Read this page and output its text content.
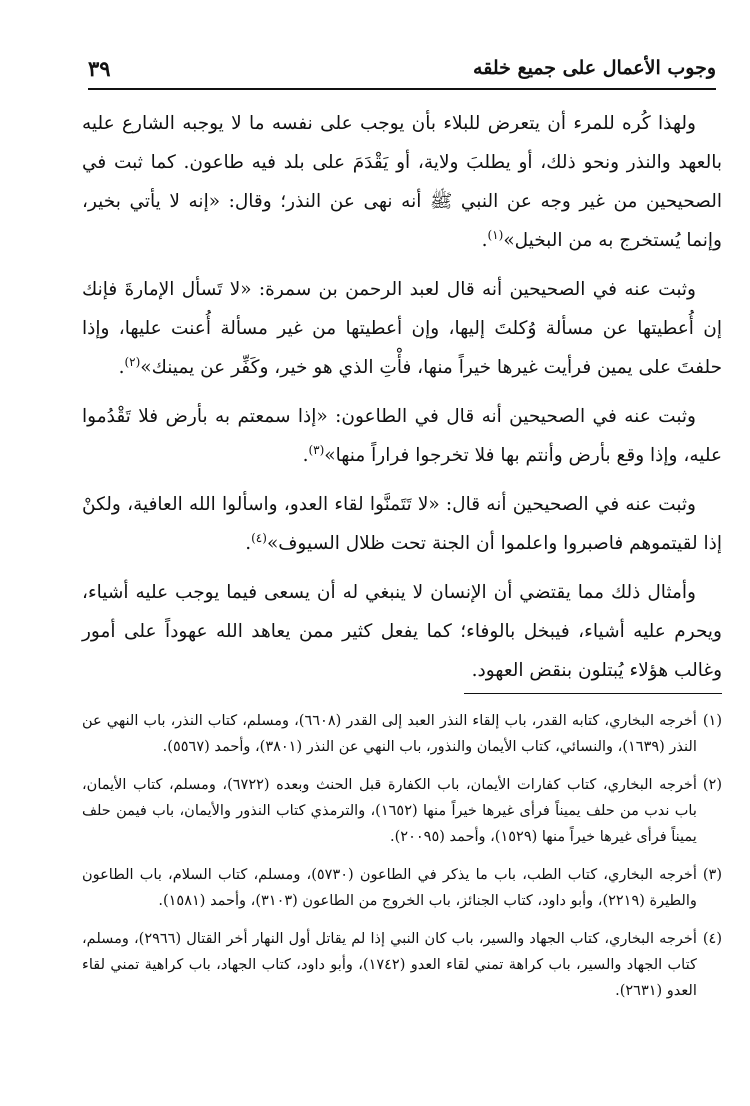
٣٩	وجوب الأعمال على جميع خلقه

ولهذا كُره للمرء أن يتعرض للبلاء بأن يوجب على نفسه ما لا يوجبه الشارع عليه بالعهد والنذر ونحو ذلك، أو يطلبَ ولاية، أو يَقْدَمَ على بلد فيه طاعون. كما ثبت في الصحيحين من غير وجه عن النبي ﷺ أنه نهى عن النذر؛ وقال: «إنه لا يأتي بخير، وإنما يُستخرج به من البخيل»$^{(١)}$.

وثبت عنه في الصحيحين أنه قال لعبد الرحمن بن سمرة: «لا تَسأل الإمارةَ فإنك إن أُعطيتها عن مسألة وُكلتَ إليها، وإن أعطيتها من غير مسألة أُعنت عليها، وإذا حلفتَ على يمين فرأيت غيرها خيراً منها، فأْتِ الذي هو خير، وكَفِّر عن يمينك»$^{(٢)}$.

وثبت عنه في الصحيحين أنه قال في الطاعون: «إذا سمعتم به بأرض فلا تَقْدُموا عليه، وإذا وقع بأرض وأنتم بها فلا تخرجوا فراراً منها»$^{(٣)}$.

وثبت عنه في الصحيحين أنه قال: «لا تَتَمنَّوا لقاء العدو، واسألوا الله العافية، ولكنْ إذا لقيتموهم فاصبروا واعلموا أن الجنة تحت ظلال السيوف»$^{(٤)}$.

وأمثال ذلك مما يقتضي أن الإنسان لا ينبغي له أن يسعى فيما يوجب عليه أشياء، ويحرم عليه أشياء، فيبخل بالوفاء؛ كما يفعل كثير ممن يعاهد الله عهوداً على أمور وغالب هؤلاء يُبتلون بنقض العهود.

(١)
أخرجه البخاري، كتابه القدر، باب إلقاء النذر العبد إلى القدر (٦٦٠٨)، ومسلم، كتاب النذر، باب النهي عن النذر (١٦٣٩)، والنسائي، كتاب الأيمان والنذور، باب النهي عن النذر (٣٨٠١)، وأحمد (٥٥٦٧).
(٢)
أخرجه البخاري، كتاب كفارات الأيمان، باب الكفارة قبل الحنث وبعده (٦٧٢٢)، ومسلم، كتاب الأيمان، باب ندب من حلف يميناً فرأى غيرها خيراً منها (١٦٥٢)، والترمذي كتاب النذور والأيمان، باب فيمن حلف يميناً فرأى غيرها خيراً منها (١٥٢٩)، وأحمد (٢٠٠٩٥).
(٣)
أخرجه البخاري، كتاب الطب، باب ما يذكر في الطاعون (٥٧٣٠)، ومسلم، كتاب السلام، باب الطاعون والطيرة (٢٢١٩)، وأبو داود، كتاب الجنائز، باب الخروج من الطاعون (٣١٠٣)، وأحمد (١٥٨١).
(٤)
أخرجه البخاري، كتاب الجهاد والسير، باب كان النبي إذا لم يقاتل أول النهار أخر القتال (٢٩٦٦)، ومسلم، كتاب الجهاد والسير، باب كراهة تمني لقاء العدو (١٧٤٢)، وأبو داود، كتاب الجهاد، باب كراهية تمني لقاء العدو (٢٦٣١).
